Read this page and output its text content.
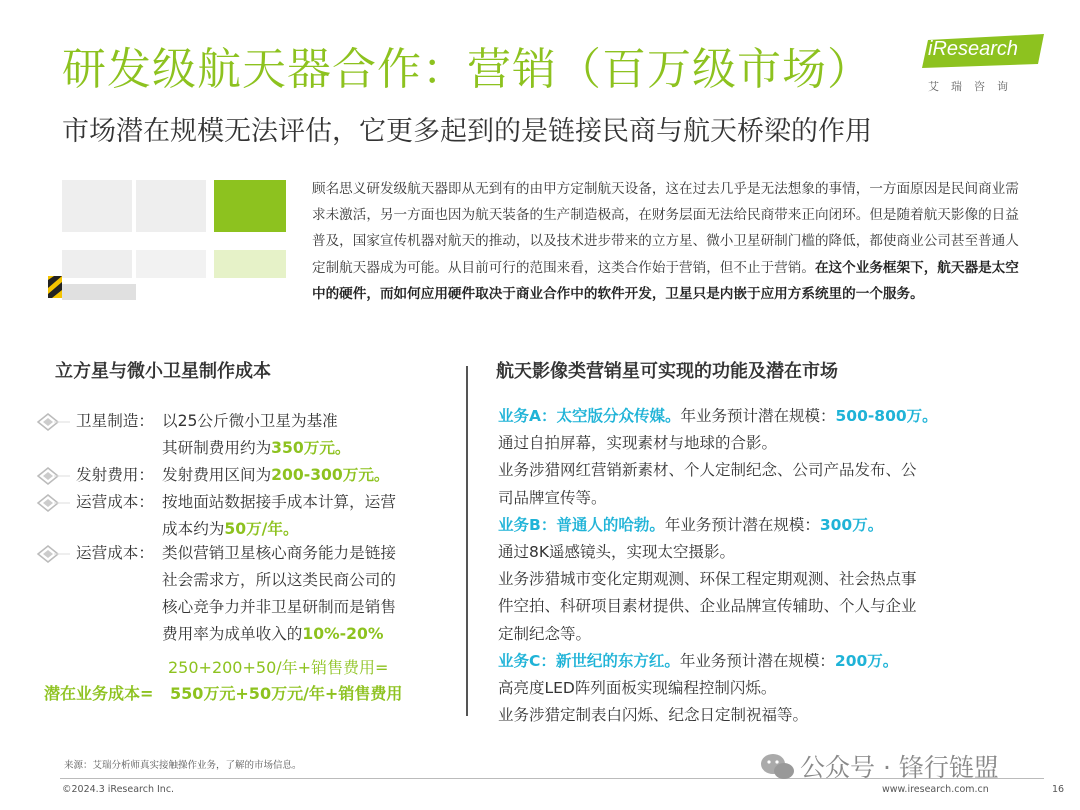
研发级航天器合作：营销（百万级市场）
市场潜在规模无法评估，它更多起到的是链接民商与航天桥梁的作用
iResearch
艾瑞咨询
顾名思义研发级航天器即从无到有的由甲方定制航天设备，这在过去几乎是无法想象的事情，一方面原因是民间商业需求未激活，另一方面也因为航天装备的生产制造极高，在财务层面无法给民商带来正向闭环。但是随着航天影像的日益普及，国家宣传机器对航天的推动，以及技术进步带来的立方星、微小卫星研制门槛的降低，都使商业公司甚至普通人定制航天器成为可能。从目前可行的范围来看，这类合作始于营销，但不止于营销。在这个业务框架下，航天器是太空中的硬件，而如何应用硬件取决于商业合作中的软件开发，卫星只是内嵌于应用方系统里的一个服务。
立方星与微小卫星制作成本	航天影像类营销星可实现的功能及潜在市场
卫星制造： 以25公斤微小卫星为基准
其研制费用约为350万元。
发射费用： 发射费用区间为200-300万元。
运营成本： 按地面站数据接手成本计算，运营
成本约为50万/年。
运营成本： 类似营销卫星核心商务能力是链接
社会需求方，所以这类民商公司的
核心竞争力并非卫星研制而是销售
费用率为成单收入的10%-20%
250+200+50/年+销售费用=
潜在业务成本= 550万元+50万元/年+销售费用
业务A：太空版分众传媒。年业务预计潜在规模：500-800万。
通过自拍屏幕，实现素材与地球的合影。
业务涉猎网红营销新素材、个人定制纪念、公司产品发布、公
司品牌宣传等。
业务B：普通人的哈勃。年业务预计潜在规模：300万。
通过8K遥感镜头，实现太空摄影。
业务涉猎城市变化定期观测、环保工程定期观测、社会热点事
件空拍、科研项目素材提供、企业品牌宣传辅助、个人与企业
定制纪念等。
业务C：新世纪的东方红。年业务预计潜在规模：200万。
高亮度LED阵列面板实现编程控制闪烁。
业务涉猎定制表白闪烁、纪念日定制祝福等。
来源：艾瑞分析师真实接触操作业务，了解的市场信息。
©2024.3 iResearch Inc.	www.iresearch.com.cn	16
公众号 · 锋行链盟
